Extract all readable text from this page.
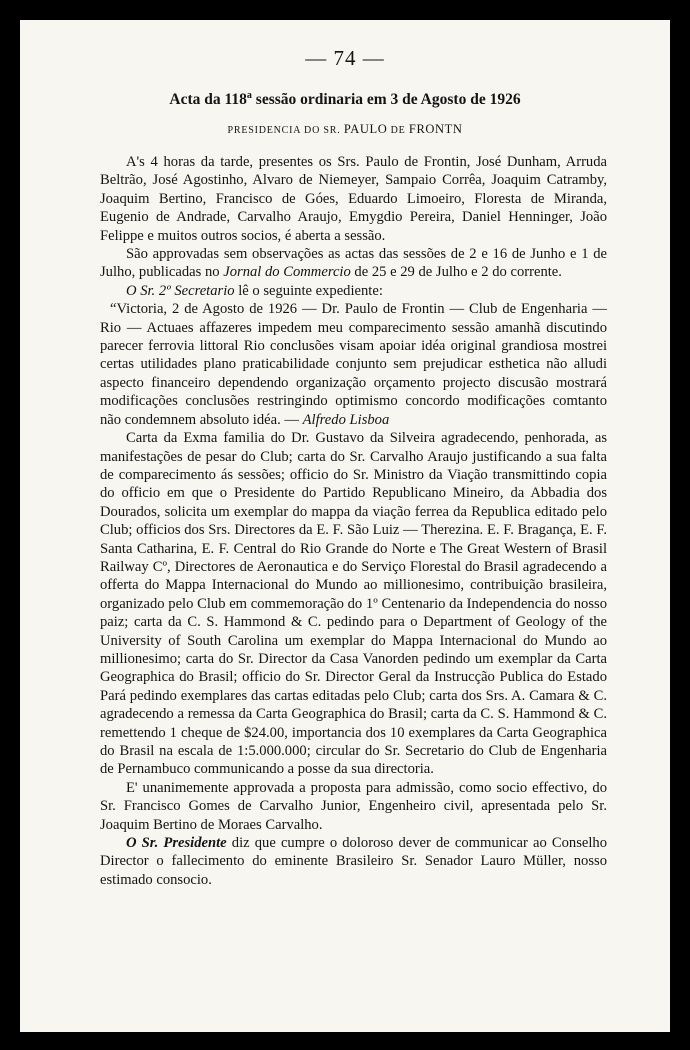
— 74 —
Acta da 118$^a$ sessão ordinaria em 3 de Agosto de 1926
PRESIDENCIA DO SR. PAULO DE FRONTN

A's 4 horas da tarde, presentes os Srs. Paulo de Frontin, José Dunham, Arruda Beltrão, José Agostinho, Alvaro de Niemeyer, Sampaio Corrêa, Joaquim Catramby, Joaquim Bertino, Francisco de Góes, Eduardo Limoeiro, Floresta de Miranda, Eugenio de Andrade, Carvalho Araujo, Emygdio Pereira, Daniel Henninger, João Felippe e muitos outros socios, é aberta a sessão.

São approvadas sem observações as actas das sessões de 2 e 16 de Junho e 1 de Julho, publicadas no Jornal do Commercio de 25 e 29 de Julho e 2 do corrente.

O Sr. 2º Secretario lê o seguinte expediente:

“Victoria, 2 de Agosto de 1926 — Dr. Paulo de Frontin — Club de Engenharia — Rio — Actuaes affazeres impedem meu comparecimento sessão amanhã discutindo parecer ferrovia littoral Rio conclusões visam apoiar idéa original grandiosa mostrei certas utilidades plano praticabilidade conjunto sem prejudicar esthetica não alludi aspecto financeiro dependendo organização orçamento projecto discusão mostrará modificações conclusões restringindo optimismo concordo modificações comtanto não condemnem absoluto idéa. — Alfredo Lisboa

Carta da Exma familia do Dr. Gustavo da Silveira agradecendo, penhorada, as manifestações de pesar do Club; carta do Sr. Carvalho Araujo justificando a sua falta de comparecimento ás sessões; officio do Sr. Ministro da Viação transmittindo copia do officio em que o Presidente do Partido Republicano Mineiro, da Abbadia dos Dourados, solicita um exemplar do mappa da viação ferrea da Republica editado pelo Club; officios dos Srs. Directores da E. F. São Luiz — Therezina. E. F. Bragança, E. F. Santa Catharina, E. F. Central do Rio Grande do Norte e The Great Western of Brasil Railway Cº, Directores de Aeronautica e do Serviço Florestal do Brasil agradecendo a offerta do Mappa Internacional do Mundo ao millionesimo, contribuição brasileira, organizado pelo Club em commemoração do 1º Centenario da Independencia do nosso paiz; carta da C. S. Hammond & C. pedindo para o Department of Geology of the University of South Carolina um exemplar do Mappa Internacional do Mundo ao millionesimo; carta do Sr. Director da Casa Vanorden pedindo um exemplar da Carta Geographica do Brasil; officio do Sr. Director Geral da Instrucção Publica do Estado Pará pedindo exemplares das cartas editadas pelo Club; carta dos Srs. A. Camara & C. agradecendo a remessa da Carta Geographica do Brasil; carta da C. S. Hammond & C. remettendo 1 cheque de $24.00, importancia dos 10 exemplares da Carta Geographica do Brasil na escala de 1:5.000.000; circular do Sr. Secretario do Club de Engenharia de Pernambuco communicando a posse da sua directoria.

E' unanimemente approvada a proposta para admissão, como socio effectivo, do Sr. Francisco Gomes de Carvalho Junior, Engenheiro civil, apresentada pelo Sr. Joaquim Bertino de Moraes Carvalho.

O Sr. Presidente diz que cumpre o doloroso dever de communicar ao Conselho Director o fallecimento do eminente Brasileiro Sr. Senador Lauro Müller, nosso estimado consocio.
